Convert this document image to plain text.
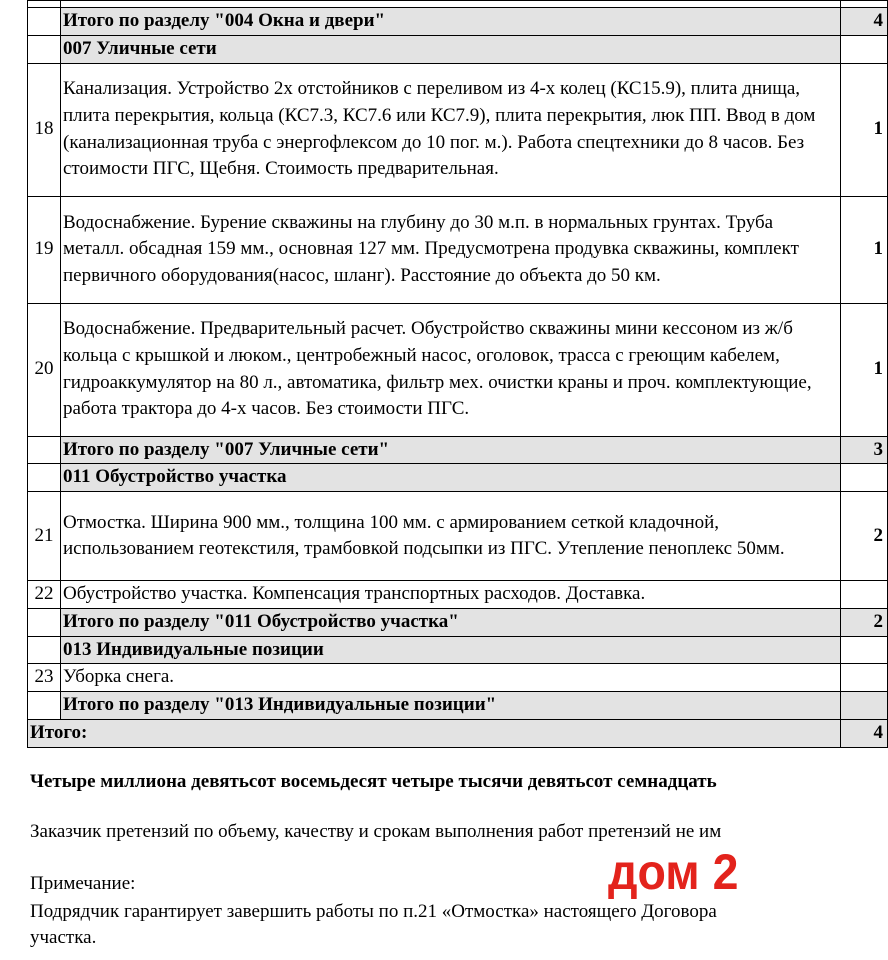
	Итого по разделу "004 Окна и двери"	4
	007 Уличные сети	
18	Канализация. Устройство 2х отстойников с переливом из 4-х колец (КС15.9), плита днища, плита перекрытия, кольца (КС7.3, КС7.6 или КС7.9), плита перекрытия, люк ПП. Ввод в дом (канализационная труба с энергофлексом до 10 пог. м.). Работа спецтехники до 8 часов. Без стоимости ПГС, Щебня. Стоимость предварительная.	1
19	Водоснабжение. Бурение скважины на глубину до 30 м.п. в нормальных грунтах. Труба металл. обсадная 159 мм., основная 127 мм. Предусмотрена продувка скважины, комплект первичного оборудования(насос, шланг). Расстояние до объекта до 50 км.	1
20	Водоснабжение. Предварительный расчет. Обустройство скважины мини кессоном из ж/б кольца с крышкой и люком., центробежный насос, оголовок, трасса с греющим кабелем, гидроаккумулятор на 80 л., автоматика, фильтр мех. очистки краны и проч. комплектующие, работа трактора до 4-х часов. Без стоимости ПГС.	1
	Итого по разделу "007 Уличные сети"	3
	011 Обустройство участка	
21	Отмостка. Ширина 900 мм., толщина 100 мм. с армированием сеткой кладочной, использованием геотекстиля, трамбовкой подсыпки из ПГС. Утепление пеноплекс 50мм.	2
22	Обустройство участка. Компенсация транспортных расходов. Доставка.	
	Итого по разделу "011 Обустройство участка"	2
	013 Индивидуальные позиции	
23	Уборка снега.	
	Итого по разделу "013 Индивидуальные позиции"	
Итого:		4
Четыре миллиона девятьсот восемьдесят четыре тысячи девятьсот семнадцать
Заказчик претензий по объему, качеству и срокам выполнения работ претензий не им
Примечание:
Подрядчик гарантирует завершить работы по п.21 «Отмостка» настоящего Договора
участка.
дом 2
